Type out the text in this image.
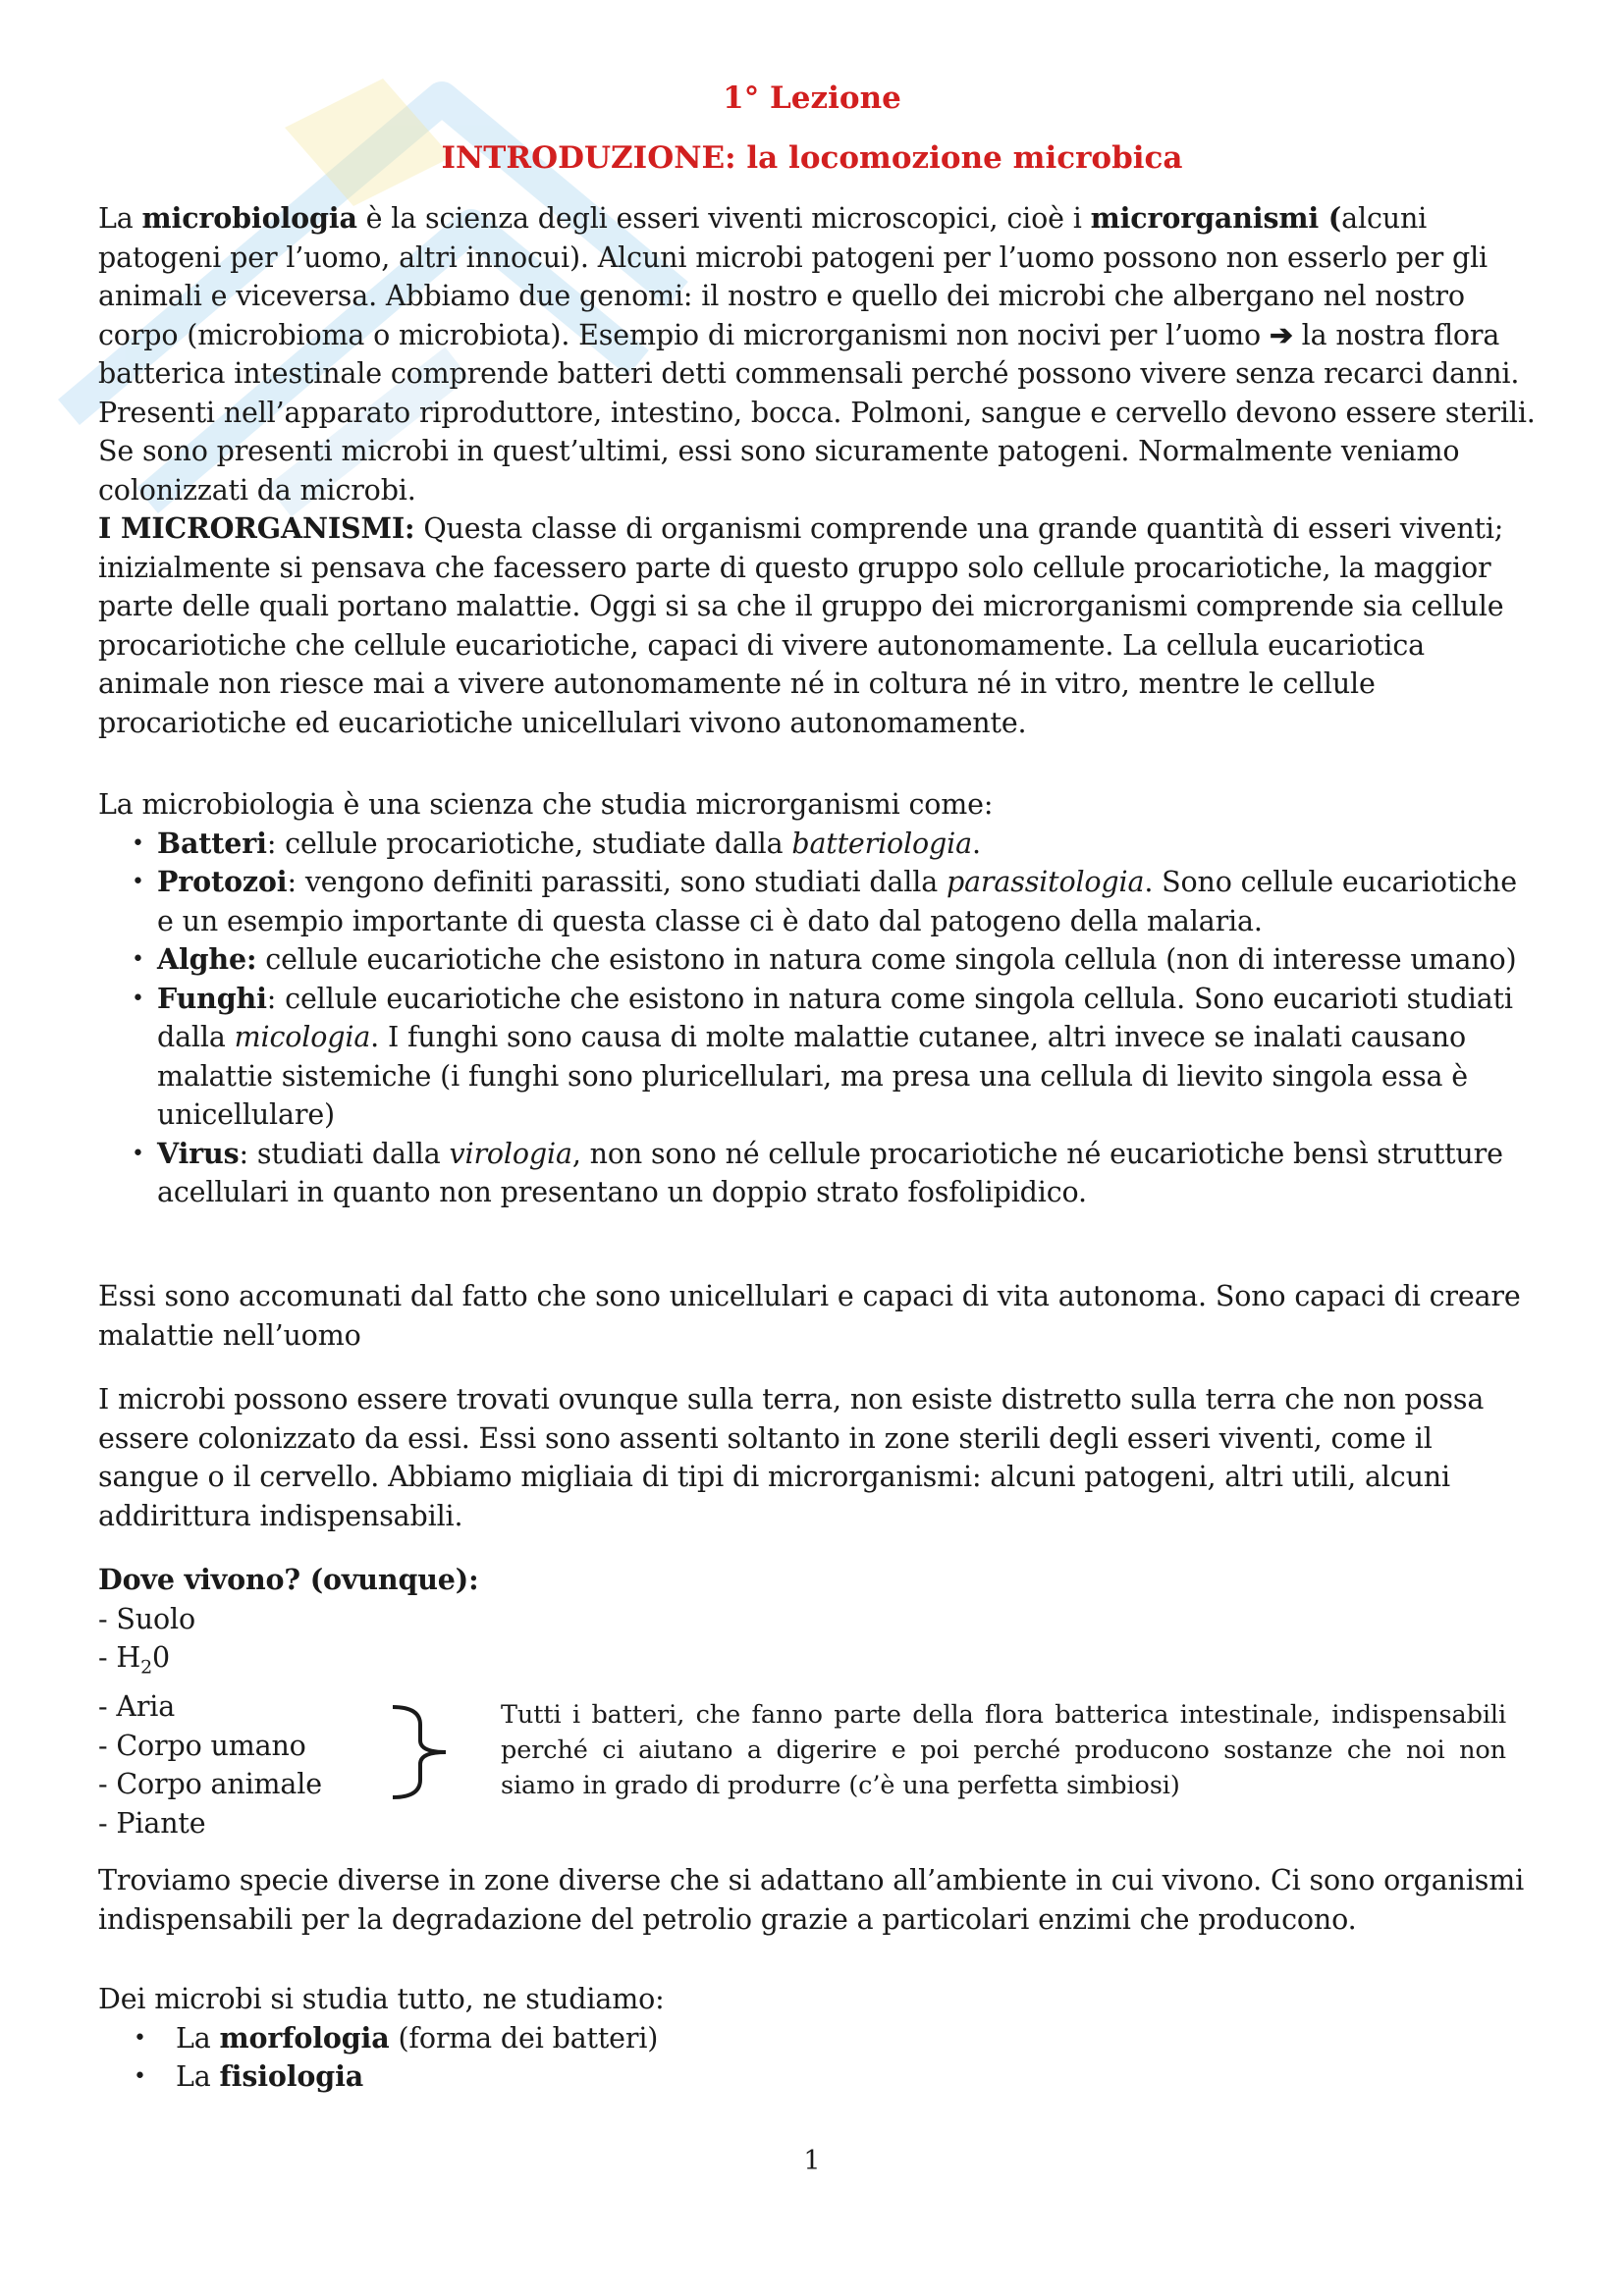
1° Lezione
INTRODUZIONE: la locomozione microbica

La microbiologia è la scienza degli esseri viventi microscopici, cioè i microrganismi (alcuni patogeni per l’uomo, altri innocui). Alcuni microbi patogeni per l’uomo possono non esserlo per gli animali e viceversa. Abbiamo due genomi: il nostro e quello dei microbi che albergano nel nostro corpo (microbioma o microbiota). Esempio di microrganismi non nocivi per l’uomo ➔ la nostra flora batterica intestinale comprende batteri detti commensali perché possono vivere senza recarci danni. Presenti nell’apparato riproduttore, intestino, bocca. Polmoni, sangue e cervello devono essere sterili. Se sono presenti microbi in quest’ultimi, essi sono sicuramente patogeni. Normalmente veniamo colonizzati da microbi.

I MICRORGANISMI: Questa classe di organismi comprende una grande quantità di esseri viventi; inizialmente si pensava che facessero parte di questo gruppo solo cellule procariotiche, la maggior parte delle quali portano malattie. Oggi si sa che il gruppo dei microrganismi comprende sia cellule procariotiche che cellule eucariotiche, capaci di vivere autonomamente. La cellula eucariotica animale non riesce mai a vivere autonomamente né in coltura né in vitro, mentre le cellule procariotiche ed eucariotiche unicellulari vivono autonomamente.

La microbiologia è una scienza che studia microrganismi come:

• Batteri: cellule procariotiche, studiate dalla batteriologia.
• Protozoi: vengono definiti parassiti, sono studiati dalla parassitologia. Sono cellule eucariotiche e un esempio importante di questa classe ci è dato dal patogeno della malaria.
• Alghe: cellule eucariotiche che esistono in natura come singola cellula (non di interesse umano)
• Funghi: cellule eucariotiche che esistono in natura come singola cellula. Sono eucarioti studiati dalla micologia. I funghi sono causa di molte malattie cutanee, altri invece se inalati causano malattie sistemiche (i funghi sono pluricellulari, ma presa una cellula di lievito singola essa è unicellulare)
• Virus: studiati dalla virologia, non sono né cellule procariotiche né eucariotiche bensì strutture acellulari in quanto non presentano un doppio strato fosfolipidico.
Essi sono accomunati dal fatto che sono unicellulari e capaci di vita autonoma. Sono capaci di creare malattie nell’uomo
I microbi possono essere trovati ovunque sulla terra, non esiste distretto sulla terra che non possa essere colonizzato da essi. Essi sono assenti soltanto in zone sterili degli esseri viventi, come il sangue o il cervello. Abbiamo migliaia di tipi di microrganismi: alcuni patogeni, altri utili, alcuni addirittura indispensabili.

Dove vivono? (ovunque):

- Suolo
- $H_20$
- Aria
- Corpo umano
- Corpo animale
- Piante
Tutti i batteri, che fanno parte della flora batterica intestinale, indispensabili perché ci aiutano a digerire e poi perché producono sostanze che noi non siamo in grado di produrre (c’è una perfetta simbiosi)
Troviamo specie diverse in zone diverse che si adattano all’ambiente in cui vivono. Ci sono organismi indispensabili per la degradazione del petrolio grazie a particolari enzimi che producono.

Dei microbi si studia tutto, ne studiamo:

• La morfologia (forma dei batteri)
• La fisiologia
1
